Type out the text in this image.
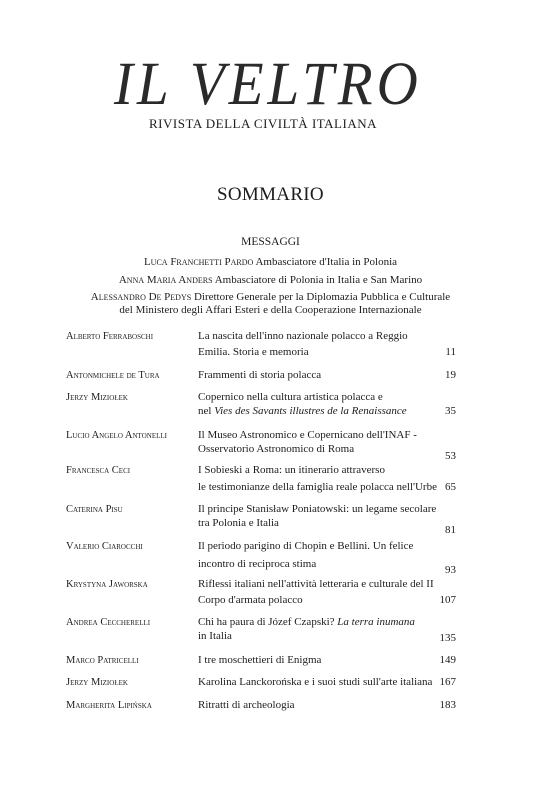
IL VELTRO
RIVISTA DELLA CIVILTÀ ITALIANA
SOMMARIO
MESSAGGI
Luca Franchetti Pardo Ambasciatore d'Italia in Polonia
Anna Maria Anders Ambasciatore di Polonia in Italia e San Marino
Alessandro De Pedys Direttore Generale per la Diplomazia Pubblica e Culturale
del Ministero degli Affari Esteri e della Cooperazione Internazionale
Alberto Ferraboschi	La nascita dell'inno nazionale polacco a Reggio
Emilia. Storia e memoria	11
Antonmichele de Tura	Frammenti di storia polacca	19
Jerzy Miziołek	Copernico nella cultura artistica polacca e
nel Vies des Savants illustres de la Renaissance	35
Lucio Angelo Antonelli	Il Museo Astronomico e Copernicano dell'INAF -
Osservatorio Astronomico di Roma
53
Francesca Ceci	I Sobieski a Roma: un itinerario attraverso
le testimonianze della famiglia reale polacca nell'Urbe 65
Caterina Pisu	Il principe Stanisław Poniatowski: un legame secolare
tra Polonia e Italia
81
Valerio Ciarocchi	Il periodo parigino di Chopin e Bellini. Un felice
incontro di reciproca stima	93
Krystyna Jaworska	Riflessi italiani nell'attività letteraria e culturale del II
Corpo d'armata polacco	107
Andrea Ceccherelli	Chi ha paura di Józef Czapski? La terra inumana
in Italia	135
Marco Patricelli	I tre moschettieri di Enigma	149
Jerzy Miziołek	Karolina Lanckorońska e i suoi studi sull'arte italiana 167
Margherita Lipińska	Ritratti di archeologia	183
